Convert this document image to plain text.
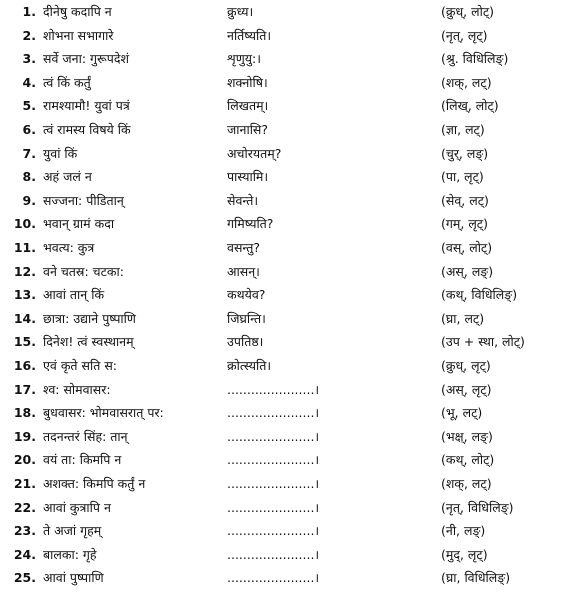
1. दीनेषु कदापि न	क्रुध्य।	(क्रुध्, लोट्)
2. शोभना सभागारे	नर्तिष्यति।	(नृत्, लृट्)
3. सर्वे जना: गुरूपदेशं	शृणुयु:।	(श्रु. विधिलिङ्)
4. त्वं किं कर्तुं	शक्नोषि।	(शक्, लट्)
5. रामश्यामौ! युवां पत्रं	लिखतम्।	(लिख्, लोट्)
6. त्वं रामस्य विषये किं	जानासि?	(ज्ञा, लट्)
7. युवां किं	अचोरयतम्?	(चुर्, लङ्)
8. अहं जलं न	पास्यामि।	(पा, लृट्)
9. सज्जना: पीडितान्	सेवन्ते।	(सेव्, लट्)
10. भवान् ग्रामं कदा	गमिष्यति?	(गम्, लृट्)
11. भवत्य: कुत्र	वसन्तु?	(वस्, लोट्)
12. वने चतस्र: चटका:	आसन्।	(अस्, लङ्)
13. आवां तान् किं	कथयेव?	(कथ्, विधिलिङ्)
14. छात्रा: उद्याने पुष्पाणि	जिघ्रन्ति।	(घ्रा, लट्)
15. दिनेश! त्वं स्वस्थानम्	उपतिष्ठ।	(उप + स्था, लोट्)
16. एवं कृते सति स:	क्रोत्स्यति।	(क्रुध्, लृट्)
17. श्व: सोमवासर:	......................।	(अस्, लृट्)
18. बुधवासर: भोमवासरात् पर:	......................।	(भू, लट्)
19. तदनन्तरं सिंह: तान्	......................।	(भक्ष्, लङ्)
20. वयं ता: किमपि न	......................।	(कथ्, लोट्)
21. अशक्त: किमपि कर्तुं न	......................।	(शक्, लट्)
22. आवां कुत्रापि न	......................।	(नृत्, विधिलिङ्)
23. ते अजां गृहम्	......................।	(नी, लङ्)
24. बालका: गृहे	......................।	(मुद्, लृट्)
25. आवां पुष्पाणि	......................।	(घ्रा, विधिलिङ्)
